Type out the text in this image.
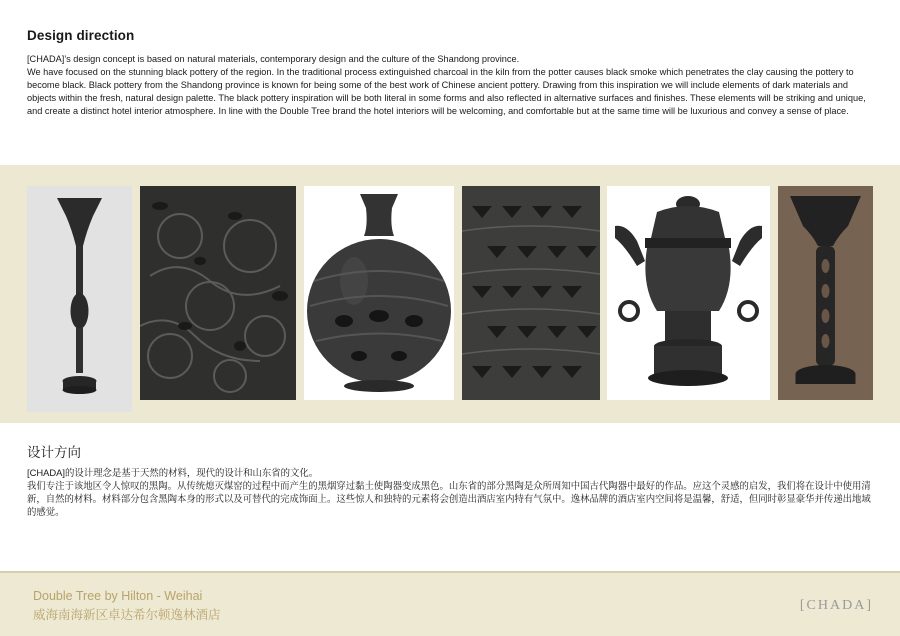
Design direction

[CHADA]’s design concept is based on natural materials, contemporary design and the culture of the Shandong province.

We have focused on the stunning black pottery of the region. In the traditional process extinguished charcoal in the kiln from the potter causes black smoke which penetrates the clay causing the pottery to become black. Black pottery from the Shandong province is known for being some of the best work of Chinese ancient pottery. Drawing from this inspiration we will include elements of dark materials and objects within the fresh, natural design palette. The black pottery inspiration will be both literal in some forms and also reflected in alternative surfaces and finishes. These elements will be striking and unique, and create a distinct hotel interior atmosphere. In line with the Double Tree brand the hotel interiors will be welcoming, and comfortable but at the same time will be luxurious and convey a sense of place.

设计方向

[CHADA]的设计理念是基于天然的材料，现代的设计和山东省的文化。

我们专注于该地区令人惊叹的黑陶。从传统熄灭煤窑的过程中而产生的黑烟穿过黏土使陶器变成黑色。山东省的部分黑陶是众所周知中国古代陶器中最好的作品。应这个灵感的启发，我们将在设计中使用清新，自然的材料。材料部分包含黑陶本身的形式以及可替代的完成饰面上。这些惊人和独特的元素将会创造出酒店室内特有气氛中。逸林品牌的酒店室内空间将是温馨，舒适，但同时彰显豪华并传递出地域的感觉。

Double Tree by Hilton - Weihai
威海南海新区卓达希尔顿逸林酒店
[CHADA]
